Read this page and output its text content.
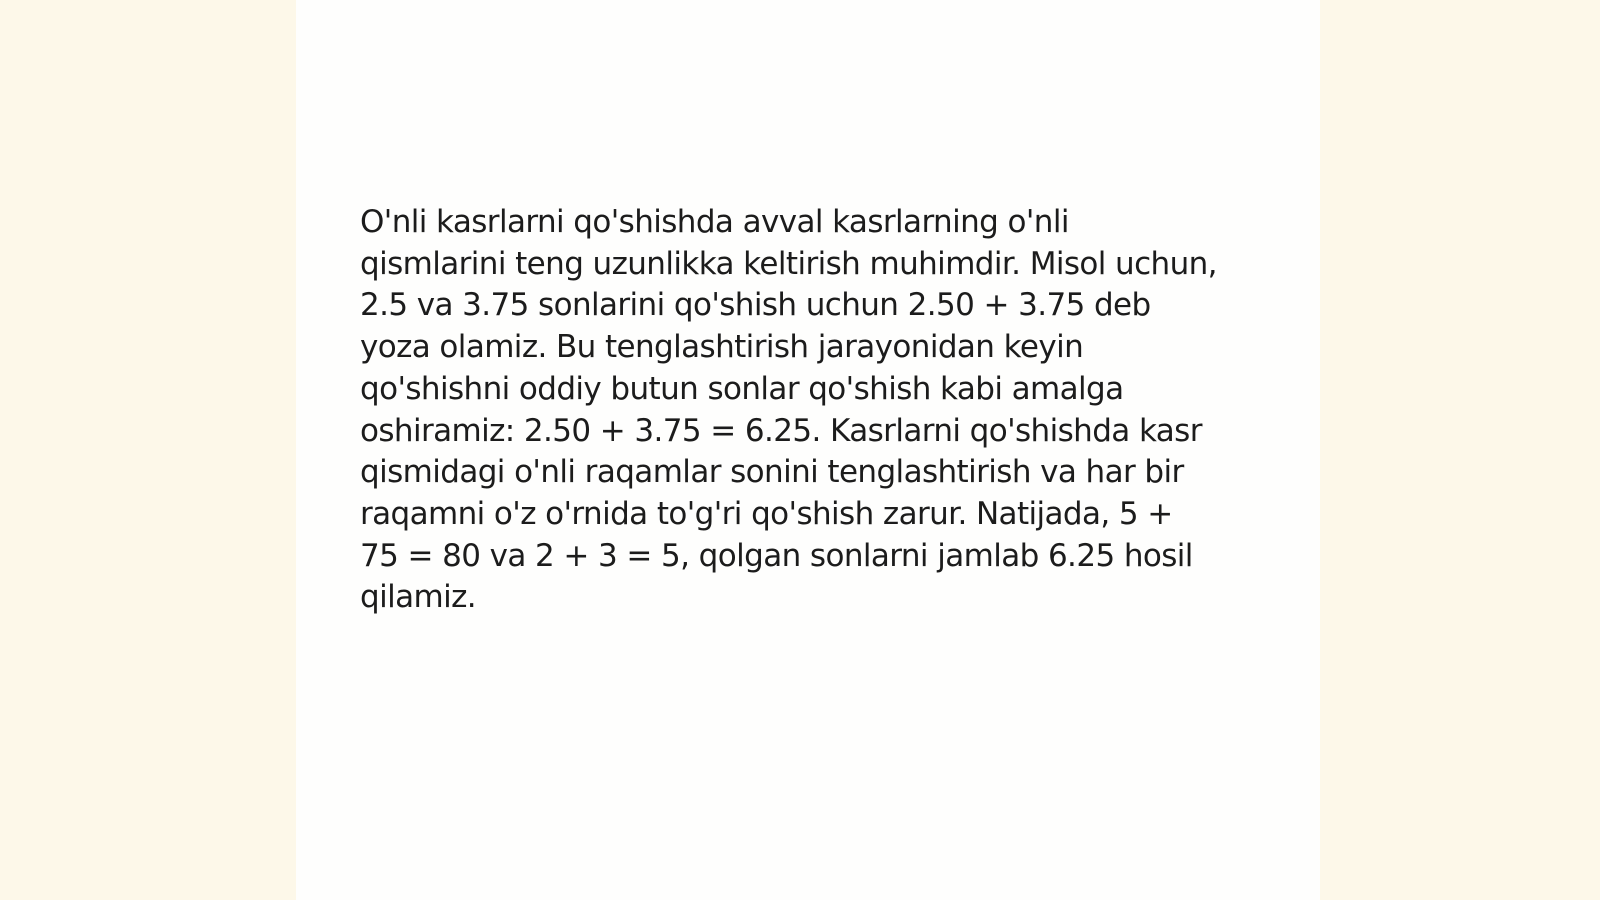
O'nli kasrlarni qo'shishda avval kasrlarning o'nli qismlarini teng uzunlikka keltirish muhimdir. Misol uchun, 2.5 va 3.75 sonlarini qo'shish uchun 2.50 + 3.75 deb yoza olamiz. Bu tenglashtirish jarayonidan keyin qo'shishni oddiy butun sonlar qo'shish kabi amalga oshiramiz: 2.50 + 3.75 = 6.25. Kasrlarni qo'shishda kasr qismidagi o'nli raqamlar sonini tenglashtirish va har bir raqamni o'z o'rnida to'g'ri qo'shish zarur. Natijada, 5 + 75 = 80 va 2 + 3 = 5, qolgan sonlarni jamlab 6.25 hosil qilamiz.
